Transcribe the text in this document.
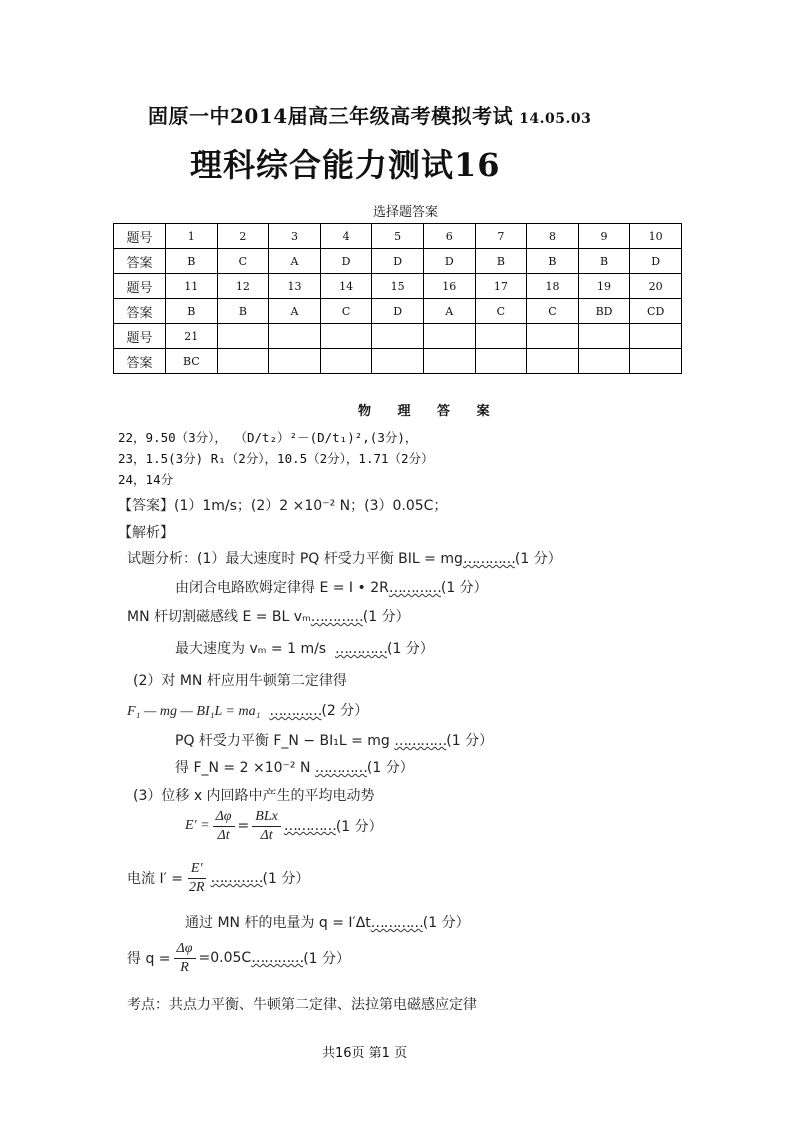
固原一中2014届高三年级高考模拟考试 14.05.03
理科综合能力测试16
选择题答案
题号	1	2	3	4	5	6	7	8	9	10
答案	B	C	A	D	D	D	B	B	B	D
题号	11	12	13	14	15	16	17	18	19	20
答案	B	B	A	C	D	A	C	C	BD	CD
题号	21									
答案	BC									
物 理 答 案
22，9.50（3分）， （D/t₂）²－(D/t₁)²,(3分)，
23，1.5(3分) R₁（2分），10.5（2分），1.71（2分）
24，14分
【答案】(1）1m/s；(2）2 ×10⁻² N；(3）0.05C；
【解析】
试题分析：(1）最大速度时 PQ 杆受力平衡 BIL = mg…………(1 分）
由闭合电路欧姆定律得 E = I • 2R…………(1 分）
MN 杆切割磁感线 E = BL vₘ…………(1 分）
最大速度为 vₘ = 1 m/s …………(1 分）
(2）对 MN 杆应用牛顿第二定律得
F₁ — mg — BI₁L = ma₁ …………(2 分）
PQ 杆受力平衡 F_N − BI₁L = mg …………(1 分）
得 F_N = 2 ×10⁻² N …………(1 分）
(3）位移 x 内回路中产生的平均电动势
$E' = \frac{\Delta\varphi}{\Delta t} = \frac{\text{BLx}}{\Delta t}$ ………… (1 分）
电流 $I' = \frac{E'}{2R}$ ………… (1 分）
通过 MN 杆的电量为 q = I′Δt…………(1 分）
得 $q = \frac{\Delta\varphi}{R} =0.05C$ ………… (1 分）
考点：共点力平衡、牛顿第二定律、法拉第电磁感应定律
共16页 第1 页
